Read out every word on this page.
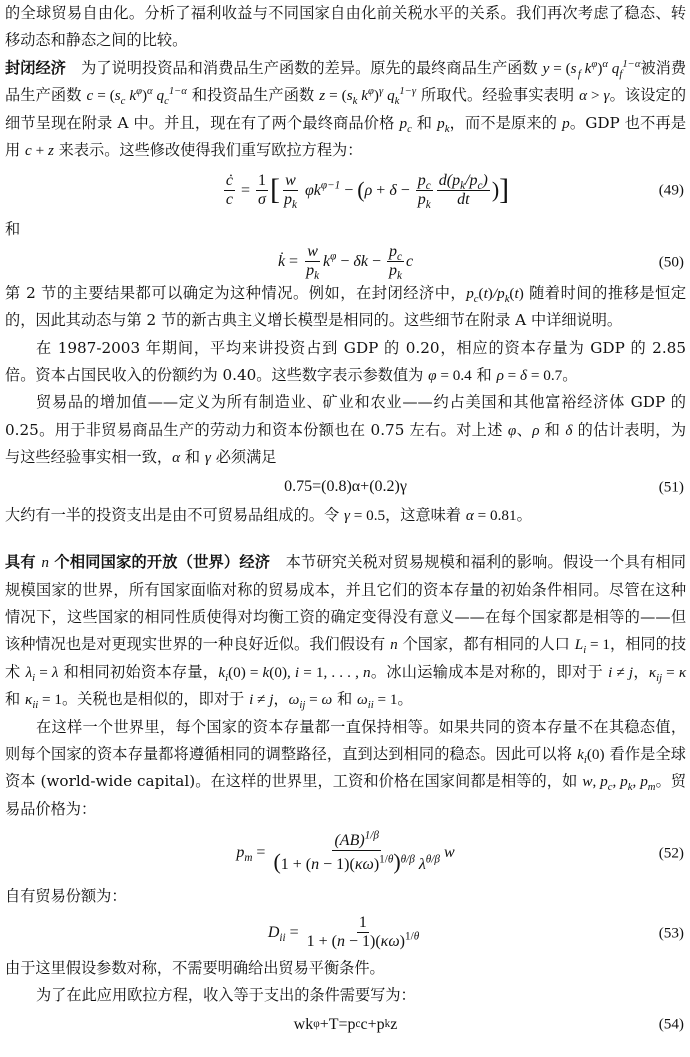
的全球贸易自由化。分析了福利收益与不同国家自由化前关税水平的关系。我们再次考虑了稳态、转移动态和静态之间的比较。

封闭经济　为了说明投资品和消费品生产函数的差异。原先的最终商品生产函数 y = (s $_f$ $k^\varphi)^\alpha$ $q_f^{1-\alpha}$被消费品生产函数 $c = (s_c$ $k^\varphi)^\alpha$ $q_c^{1-\alpha}$ 和投资品生产函数 $z = (s_k$ $k^\varphi)^\gamma$ $q_k^{1-\gamma}$ 所取代。经验事实表明 α > γ。该设定的细节呈现在附录 A 中。并且，现在有了两个最终商品价格 $p_c$ 和 $p_k$，而不是原来的 p。GDP 也不再是用 c + z 来表示。这些修改使得我们重写欧拉方程为：

$\frac{ċ}{c} = \frac{1}{\sigma}$ [ $\frac{w}{p_k} \varphi k^{\varphi-1}$ − ( $\rho + \delta - \frac{p_c}{p_k} \frac{d(p_k/p_c)}{dt}$ ) ]	(49)

和

k̇ = $\frac{w}{p_k} k^\varphi - \delta k - \frac{p_c}{p_k}$ c	(50)

第 2 节的主要结果都可以确定为这种情况。例如，在封闭经济中，$p_c(t)/p_k(t)$ 随着时间的推移是恒定的，因此其动态与第 2 节的新古典主义增长模型是相同的。这些细节在附录 A 中详细说明。

在 1987-2003 年期间，平均来讲投资占到 GDP 的 0.20，相应的资本存量为 GDP 的 2.85 倍。资本占国民收入的份额约为 0.40。这些数字表示参数值为 φ = 0.4 和 ρ = δ = 0.7。

贸易品的增加值——定义为所有制造业、矿业和农业——约占美国和其他富裕经济体 GDP 的 0.25。用于非贸易商品生产的劳动力和资本份额也在 0.75 左右。对上述 φ、ρ 和 δ 的估计表明，为与这些经验事实相一致，α 和 γ 必须满足

0 . 7 5 = ( 0 . 8 ) α + ( 0 . 2 ) γ	(51)

大约有一半的投资支出是由不可贸易品组成的。令 γ = 0.5，这意味着 α = 0.81。

具有 n 个相同国家的开放（世界）经济　本节研究关税对贸易规模和福利的影响。假设一个具有相同规模国家的世界，所有国家面临对称的贸易成本，并且它们的资本存量的初始条件相同。尽管在这种情况下，这些国家的相同性质使得对均衡工资的确定变得没有意义——在每个国家都是相等的——但该种情况也是对更现实世界的一种良好近似。我们假设有 n 个国家，都有相同的人口 $L_i = 1$，相同的技术 $\lambda_i = \lambda$ 和相同初始资本存量，$k_i(0) = k(0)$, i = 1, . . . , n。冰山运输成本是对称的，即对于 i ≠ j，$\kappa_{ij} = \kappa$ 和 $\kappa_{ii} = 1$。关税也是相似的，即对于 i ≠ j，$\omega_{ij} = \omega$ 和 $\omega_{ii} = 1$。

在这样一个世界里，每个国家的资本存量都一直保持相等。如果共同的资本存量不在其稳态值，则每个国家的资本存量都将遵循相同的调整路径，直到达到相同的稳态。因此可以将 $k_i(0)$ 看作是全球资本 (world-wide capital)。在这样的世界里，工资和价格在国家间都是相等的，如 w, $p_c$, $p_k$, $p_m$。贸易品价格为：

$p_m = \frac{(AB)^{1/\beta}}{(1 + (n - 1)(\kappa\omega)^{1/\theta})^{\theta/\beta} \lambda^{\theta/\beta}}$ w	(52)

自有贸易份额为：

$D_{ii} = \frac{1}{1 + (n - 1)(\kappa\omega)^{1/\theta}}$	(53)

由于这里假设参数对称，不需要明确给出贸易平衡条件。

为了在此应用欧拉方程，收入等于支出的条件需要写为：

wk φ + T = p c c + p k z	(54)
